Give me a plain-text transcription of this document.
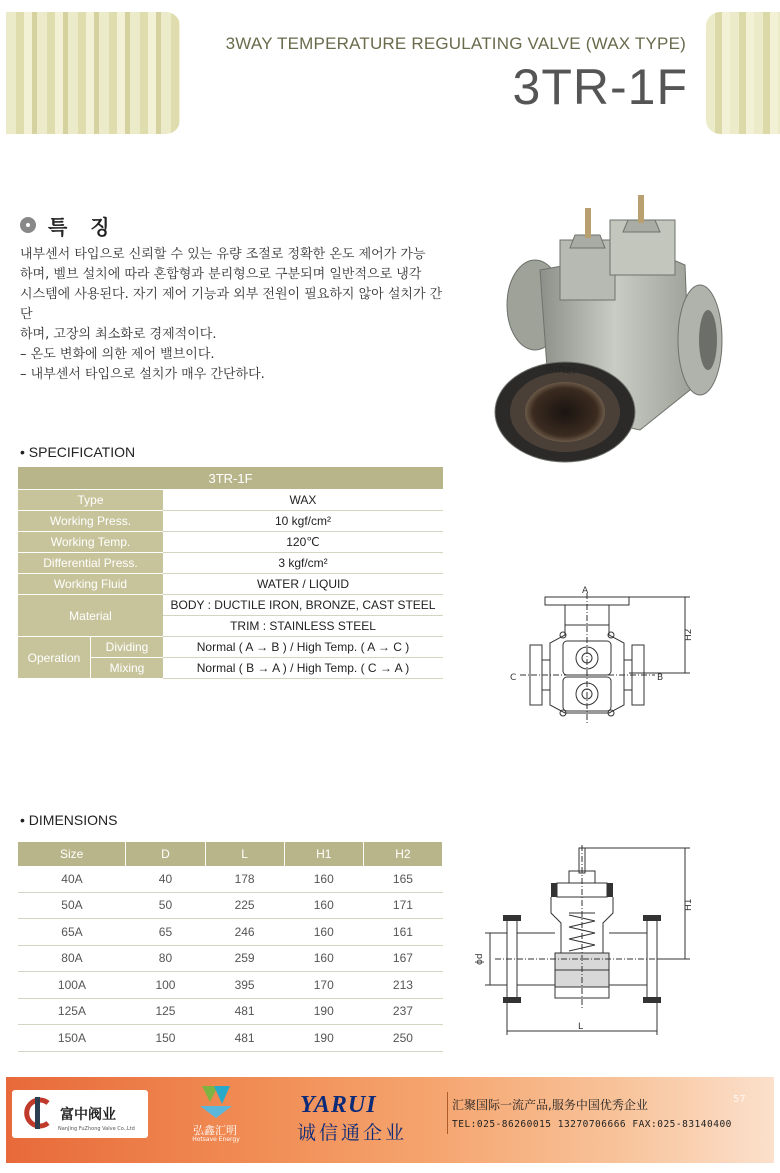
3WAY TEMPERATURE REGULATING VALVE (WAX TYPE)
3TR-1F
특 징

내부센서 타입으로 신뢰할 수 있는 유량 조절로 정확한 온도 제어가 가능

하며, 벨브 설치에 따라 혼합형과 분리형으로 구분되며 일반적으로 냉각

시스템에 사용된다. 자기 제어 기능과 외부 전원이 필요하지 않아 설치가 간단

하며, 고장의 최소화로 경제적이다.

– 온도 변화에 의한 제어 밸브이다.

– 내부센서 타입으로 설치가 매우 간단하다.	OUTLET
• SPECIFICATION
3TR-1F		
Type		WAX
Working Press.		10 kgf/cm²
Working Temp.		120℃
Differential Press.		3 kgf/cm²
Working Fluid		WATER / LIQUID
Material		BODY : DUCTILE IRON, BRONZE, CAST STEEL
		TRIM : STAINLESS STEEL
Operation	Dividing	Normal ( A → B ) / High Temp. ( A → C )
	Mixing	Normal ( B → A ) / High Temp. ( C → A )
A
B
C
H2
• DIMENSIONS
Size	D	L	H1	H2
40A	40	178	160	165
50A	50	225	160	171
65A	65	246	160	161
80A	80	259	160	167
100A	100	395	170	213
125A	125	481	190	237
150A	150	481	190	250
H1
ϕd
L
富中阀业
NanJing FuZhong Valve Co.,Ltd	弘鑫汇明
Hotsave Energy
YARUI
诚信通企业
汇聚国际一流产品,服务中国优秀企业
TEL:025-86260015 13270706666 FAX:025-83140400
57
